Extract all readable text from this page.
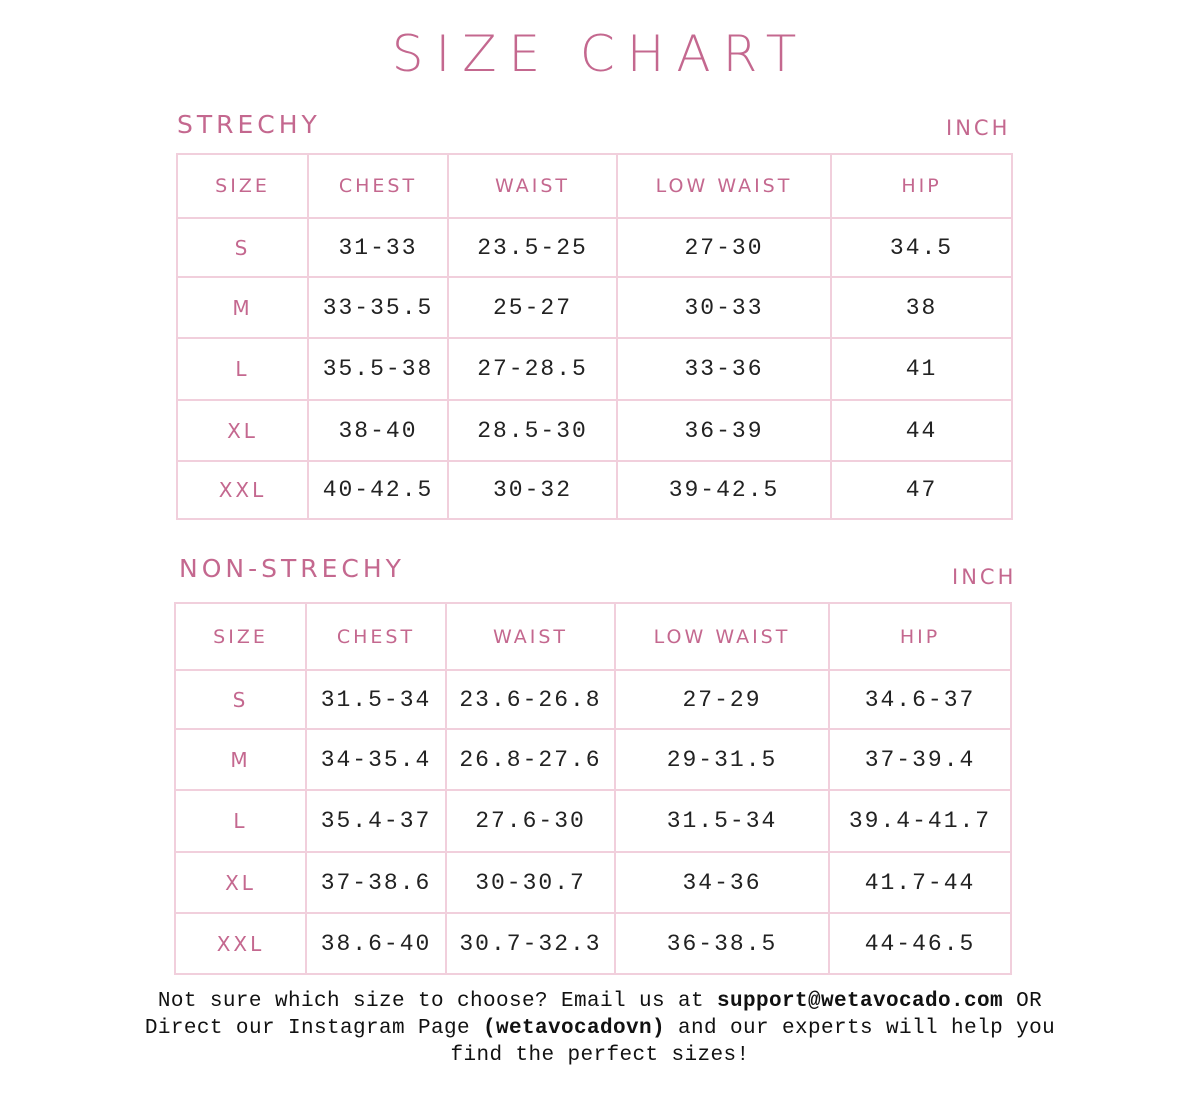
SIZE CHART
STRECHY	INCH
SIZE	CHEST	WAIST	LOW WAIST	HIP
S	31-33	23.5-25	27-30	34.5
M	33-35.5	25-27	30-33	38
L	35.5-38	27-28.5	33-36	41
XL	38-40	28.5-30	36-39	44
XXL	40-42.5	30-32	39-42.5	47
NON-STRECHY	INCH
SIZE	CHEST	WAIST	LOW WAIST	HIP
S	31.5-34	23.6-26.8	27-29	34.6-37
M	34-35.4	26.8-27.6	29-31.5	37-39.4
L	35.4-37	27.6-30	31.5-34	39.4-41.7
XL	37-38.6	30-30.7	34-36	41.7-44
XXL	38.6-40	30.7-32.3	36-38.5	44-46.5
Not sure which size to choose? Email us at support@wetavocado.com OR
Direct our Instagram Page (wetavocadovn) and our experts will help you
find the perfect sizes!
